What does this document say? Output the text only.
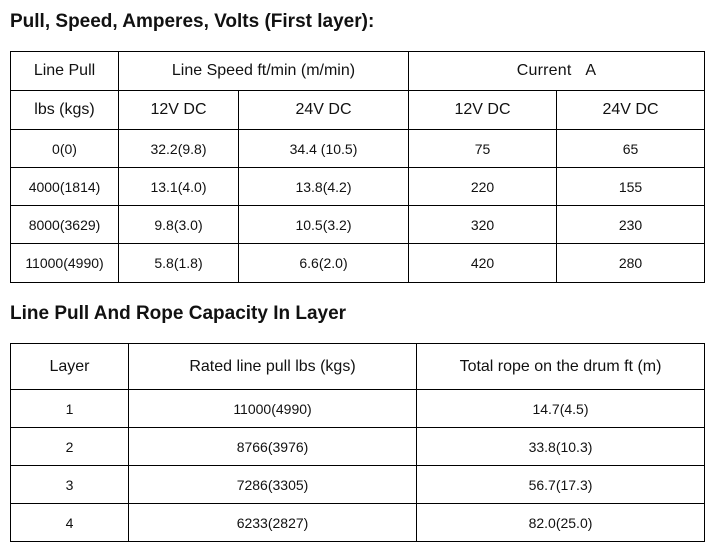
Pull, Speed, Amperes, Volts (First layer):
Line Pull	Line Speed ft/min (m/min)		Current   A	
lbs (kgs)	12V DC	24V DC	12V DC	24V DC
0(0)	32.2(9.8)	34.4 (10.5)	75	65
4000(1814)	13.1(4.0)	13.8(4.2)	220	155
8000(3629)	9.8(3.0)	10.5(3.2)	320	230
11000(4990)	5.8(1.8)	6.6(2.0)	420	280
Line Pull And Rope Capacity In Layer
Layer	Rated line pull lbs (kgs)	Total rope on the drum ft (m)
1	11000(4990)	14.7(4.5)
2	8766(3976)	33.8(10.3)
3	7286(3305)	56.7(17.3)
4	6233(2827)	82.0(25.0)
